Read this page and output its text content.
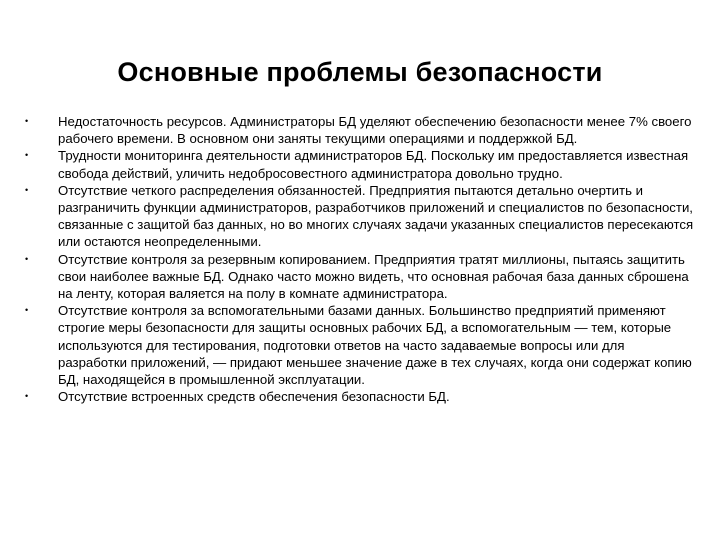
Основные проблемы безопасности
•	Недостаточность ресурсов. Администраторы БД уделяют обеспечению безопасности менее 7% своего рабочего времени. В основном они заняты текущими операциями и поддержкой БД.
•	Трудности мониторинга деятельности администраторов БД. Поскольку им предоставляется известная свобода действий, уличить недобросовестного администратора довольно трудно.
•	Отсутствие четкого распределения обязанностей. Предприятия пытаются детально очертить и разграничить функции администраторов, разработчиков приложений и специалистов по безопасности, связанные с защитой баз данных, но во многих случаях задачи указанных специалистов пересекаются или остаются неопределенными.
•	Отсутствие контроля за резервным копированием. Предприятия тратят миллионы, пытаясь защитить свои наиболее важные БД. Однако часто можно видеть, что основная рабочая база данных сброшена на ленту, которая валяется на полу в комнате администратора.
•	Отсутствие контроля за вспомогательными базами данных. Большинство предприятий применяют строгие меры безопасности для защиты основных рабочих БД, а вспомогательным — тем, которые используются для тестирования, подготовки ответов на часто задаваемые вопросы или для разработки приложений, — придают меньшее значение даже в тех случаях, когда они содержат копию БД, находящейся в промышленной эксплуатации.
•	Отсутствие встроенных средств обеспечения безопасности БД.
